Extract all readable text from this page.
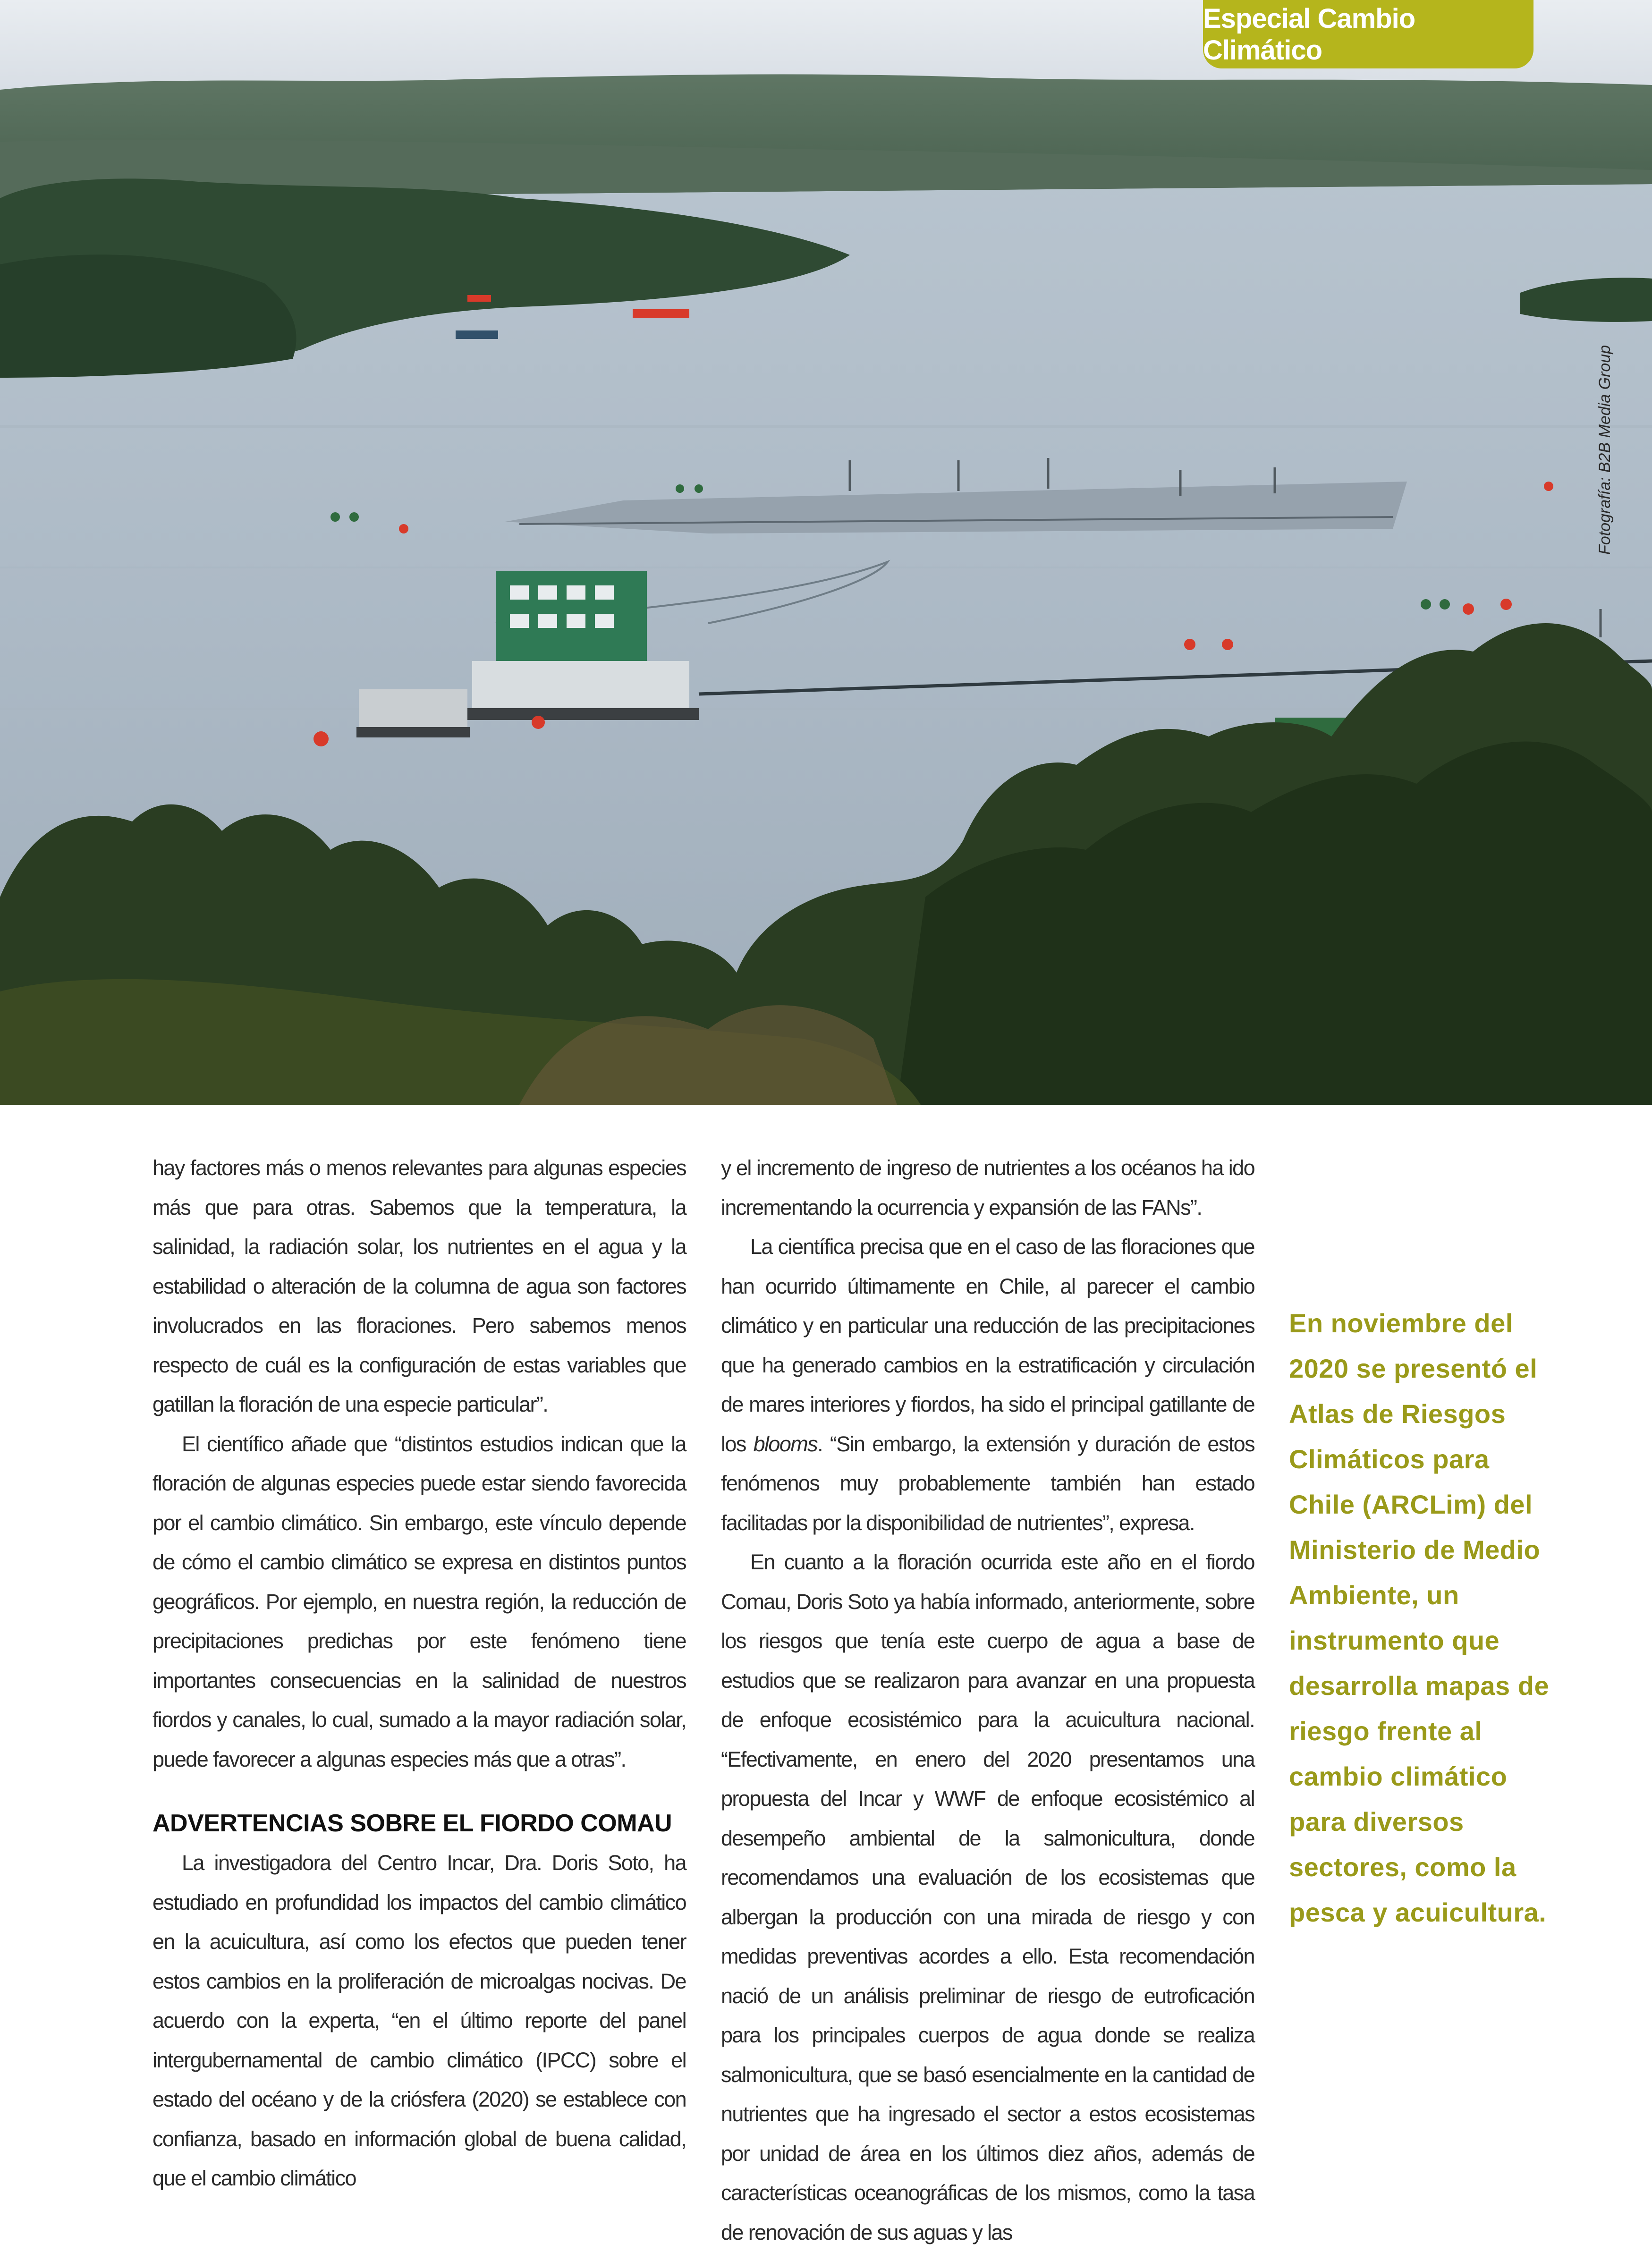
Especial Cambio Climático
Fotografía: B2B Media Group

hay factores más o menos relevantes para algunas especies más que para otras. Sabemos que la temperatura, la salinidad, la radiación solar, los nutrientes en el agua y la estabilidad o alteración de la columna de agua son factores involucrados en las floraciones. Pero sabemos menos respecto de cuál es la configuración de estas variables que gatillan la floración de una especie particular”.

El científico añade que “distintos estudios indican que la floración de algunas especies puede estar siendo favorecida por el cambio climático. Sin embargo, este vínculo depende de cómo el cambio climático se expresa en distintos puntos geográficos. Por ejemplo, en nuestra región, la reducción de precipitaciones predichas por este fenómeno tiene importantes consecuencias en la salinidad de nuestros fiordos y canales, lo cual, sumado a la mayor radiación solar, puede favorecer a algunas especies más que a otras”.

ADVERTENCIAS SOBRE EL FIORDO COMAU

La investigadora del Centro Incar, Dra. Doris Soto, ha estudiado en profundidad los impactos del cambio climático en la acuicultura, así como los efectos que pueden tener estos cambios en la proliferación de microalgas nocivas. De acuerdo con la experta, “en el último reporte del panel intergubernamental de cambio climático (IPCC) sobre el estado del océano y de la criósfera (2020) se establece con confianza, basado en información global de buena calidad, que el cambio climático

y el incremento de ingreso de nutrientes a los océanos ha ido incrementando la ocurrencia y expansión de las FANs”.

La científica precisa que en el caso de las floraciones que han ocurrido últimamente en Chile, al parecer el cambio climático y en particular una reducción de las precipitaciones que ha generado cambios en la estratificación y circulación de mares interiores y fiordos, ha sido el principal gatillante de los blooms. “Sin embargo, la extensión y duración de estos fenómenos muy probablemente también han estado facilitadas por la disponibilidad de nutrientes”, expresa.

En cuanto a la floración ocurrida este año en el fiordo Comau, Doris Soto ya había informado, anteriormente, sobre los riesgos que tenía este cuerpo de agua a base de estudios que se realizaron para avanzar en una propuesta de enfoque ecosistémico para la acuicultura nacional. “Efectivamente, en enero del 2020 presentamos una propuesta del Incar y WWF de enfoque ecosistémico al desempeño ambiental de la salmonicultura, donde recomendamos una evaluación de los ecosistemas que albergan la producción con una mirada de riesgo y con medidas preventivas acordes a ello. Esta recomendación nació de un análisis preliminar de riesgo de eutroficación para los principales cuerpos de agua donde se realiza salmonicultura, que se basó esencialmente en la cantidad de nutrientes que ha ingresado el sector a estos ecosistemas por unidad de área en los últimos diez años, además de características oceanográficas de los mismos, como la tasa de renovación de sus aguas y las

En noviembre del 2020 se presentó el Atlas de Riesgos Climáticos para Chile (ARCLim) del Ministerio de Medio Ambiente, un instrumento que desarrolla mapas de riesgo frente al cambio climático para diversos sectores, como la pesca y acuicultura.
